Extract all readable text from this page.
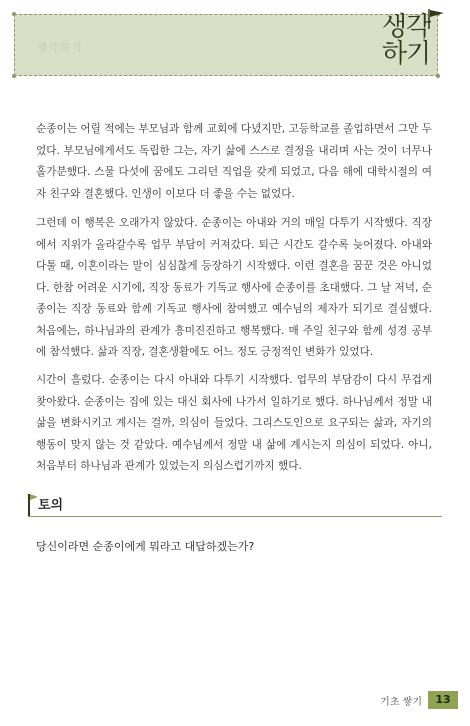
생각하기
생각
하기

순종이는 어릴 적에는 부모님과 함께 교회에 다녔지만, 고등학교를 졸업하면서 그만 두었다. 부모님에게서도 독립한 그는, 자기 삶에 스스로 결정을 내리며 사는 것이 너무나 홀가분했다. 스물 다섯에 꿈에도 그리던 직업을 갖게 되었고, 다음 해에 대학시절의 여자 친구와 결혼했다. 인생이 이보다 더 좋을 수는 없었다.

그런데 이 행복은 오래가지 않았다. 순종이는 아내와 거의 매일 다투기 시작했다. 직장에서 지위가 올라갈수록 업무 부담이 커져갔다. 퇴근 시간도 갈수록 늦어졌다. 아내와 다툴 때, 이혼이라는 말이 심심찮게 등장하기 시작했다. 이런 결혼을 꿈꾼 것은 아니었다. 한참 어려운 시기에, 직장 동료가 기독교 행사에 순종이를 초대했다. 그 날 저녁, 순종이는 직장 동료와 함께 기독교 행사에 참여했고 예수님의 제자가 되기로 결심했다. 처음에는, 하나님과의 관계가 흥미진진하고 행복했다. 매 주일 친구와 함께 성경 공부에 참석했다. 삶과 직장, 결혼생활에도 어느 정도 긍정적인 변화가 있었다.

시간이 흘렀다. 순종이는 다시 아내와 다투기 시작했다. 업무의 부담감이 다시 무겁게 찾아왔다. 순종이는 집에 있는 대신 회사에 나가서 일하기로 했다. 하나님께서 정말 내 삶을 변화시키고 계시는 걸까, 의심이 들었다. 그리스도인으로 요구되는 삶과, 자기의 행동이 맞지 않는 것 같았다. 예수님께서 정말 내 삶에 계시는지 의심이 되었다. 아니, 처음부터 하나님과 관계가 있었는지 의심스럽기까지 했다.

토의
당신이라면 순종이에게 뭐라고 대답하겠는가?
기초 쌓기	13
